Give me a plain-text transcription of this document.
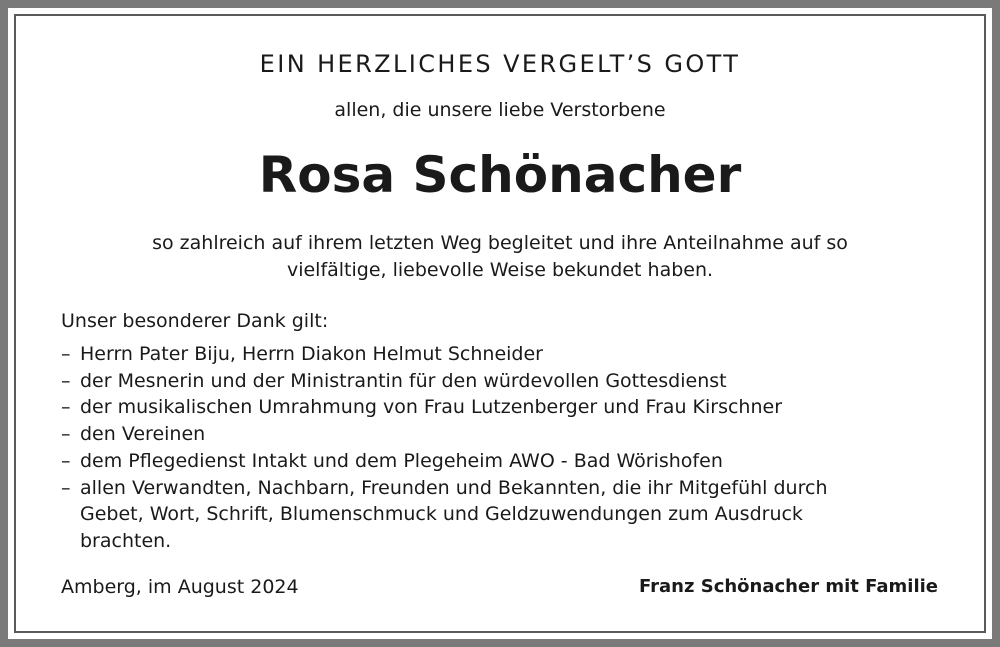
EIN HERZLICHES VERGELT’S GOTT
allen, die unsere liebe Verstorbene
Rosa Schönacher
so zahlreich auf ihrem letzten Weg begleitet und ihre Anteilnahme auf so
vielfältige, liebevolle Weise bekundet haben.
Unser besonderer Dank gilt:
– Herrn Pater Biju, Herrn Diakon Helmut Schneider
– der Mesnerin und der Ministrantin für den würdevollen Gottesdienst
– der musikalischen Umrahmung von Frau Lutzenberger und Frau Kirschner
– den Vereinen
– dem Pflegedienst Intakt und dem Plegeheim AWO - Bad Wörishofen
– allen Verwandten, Nachbarn, Freunden und Bekannten, die ihr Mitgefühl durch
Gebet, Wort, Schrift, Blumenschmuck und Geldzuwendungen zum Ausdruck
brachten.
Amberg, im August 2024	Franz Schönacher mit Familie
